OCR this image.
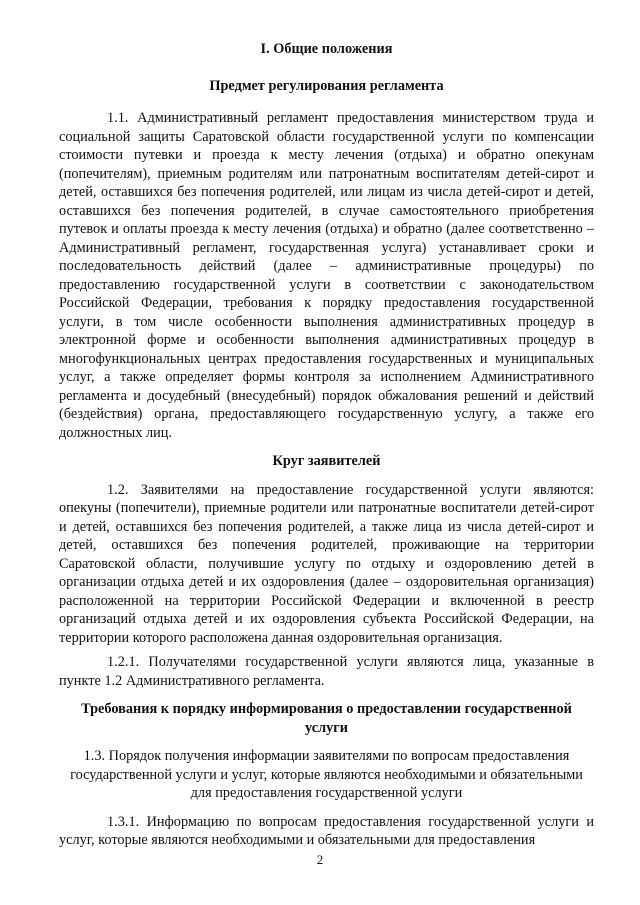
I. Общие положения
Предмет регулирования регламента

1.1. Административный регламент предоставления министерством труда и социальной защиты Саратовской области государственной услуги по компенсации стоимости путевки и проезда к месту лечения (отдыха) и обратно опекунам (попечителям), приемным родителям или патронатным воспитателям детей-сирот и детей, оставшихся без попечения родителей, или лицам из числа детей-сирот и детей, оставшихся без попечения родителей, в случае самостоятельного приобретения путевок и оплаты проезда к месту лечения (отдыха) и обратно (далее соответственно – Административный регламент, государственная услуга) устанавливает сроки и последовательность действий (далее – административные процедуры) по предоставлению государственной услуги в соответствии с законодательством Российской Федерации, требования к порядку предоставления государственной услуги, в том числе особенности выполнения административных процедур в электронной форме и особенности выполнения административных процедур в многофункциональных центрах предоставления государственных и муниципальных услуг, а также определяет формы контроля за исполнением Административного регламента и досудебный (внесудебный) порядок обжалования решений и действий (бездействия) органа, предоставляющего государственную услугу, а также его должностных лиц.

Круг заявителей

1.2. Заявителями на предоставление государственной услуги являются: опекуны (попечители), приемные родители или патронатные воспитатели детей-сирот и детей, оставшихся без попечения родителей, а также лица из числа детей-сирот и детей, оставшихся без попечения родителей, проживающие на территории Саратовской области, получившие услугу по отдыху и оздоровлению детей в организации отдыха детей и их оздоровления (далее – оздоровительная организация) расположенной на территории Российской Федерации и включенной в реестр организаций отдыха детей и их оздоровления субъекта Российской Федерации, на территории которого расположена данная оздоровительная организация.

1.2.1. Получателями государственной услуги являются лица, указанные в пункте 1.2 Административного регламента.

Требования к порядку информирования о предоставлении государственной услуги

1.3. Порядок получения информации заявителями по вопросам предоставления государственной услуги и услуг, которые являются необходимыми и обязательными для предоставления государственной услуги

1.3.1. Информацию по вопросам предоставления государственной услуги и услуг, которые являются необходимыми и обязательными для предоставления

2
